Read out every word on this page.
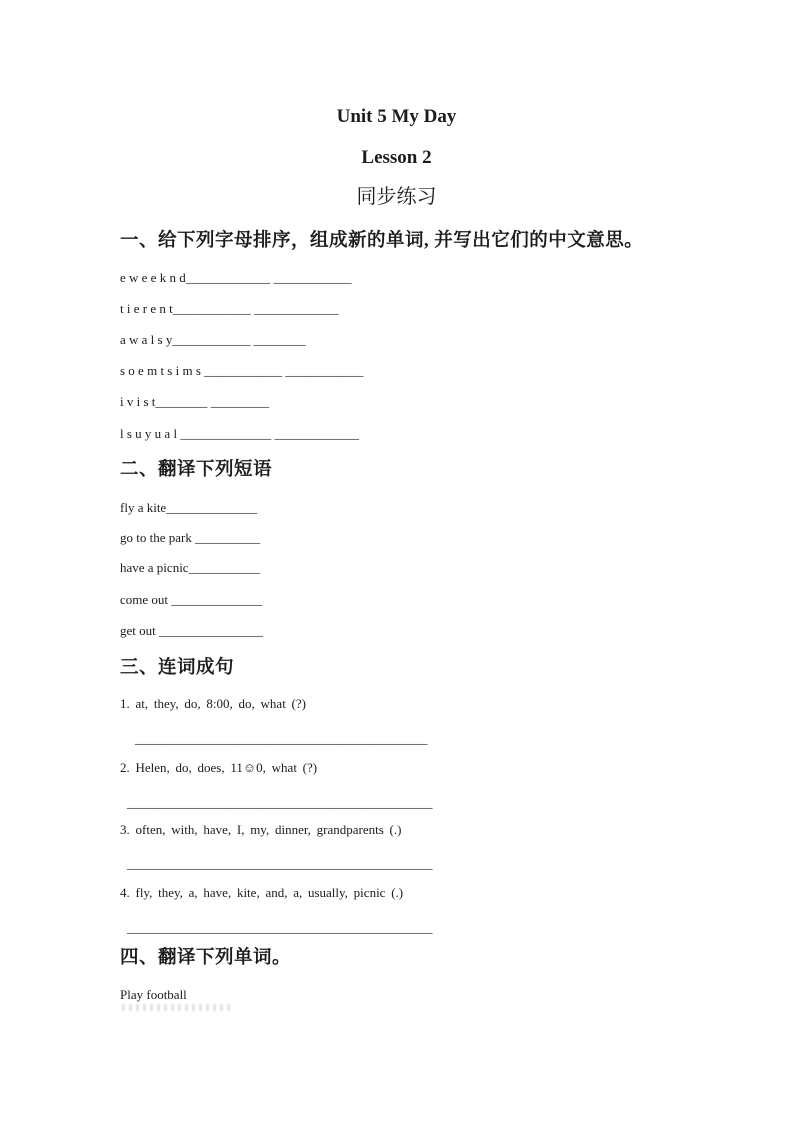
Unit 5 My Day
Lesson 2
同步练习
一、给下列字母排序，组成新的单词, 并写出它们的中文意思。
e w e e k n d_____________ ____________
t i e r e n t____________ _____________
a w a l s y____________ ________
s o e m t s i m s ____________ ____________
i v i s t________ _________
l s u y u a l ______________ _____________
二、翻译下列短语
fly a kite______________
go to the park __________
have a picnic___________
come out ______________
get out ________________
三、连词成句
1. at, they, do, 8:00, do, what (?)
_____________________________________________
2. Helen, do, does, 11☺0, what (?)
_______________________________________________
3. often, with, have, I, my, dinner, grandparents (.)
_______________________________________________
4. fly, they, a, have, kite, and, a, usually, picnic (.)
_______________________________________________
四、翻译下列单词。
Play football
